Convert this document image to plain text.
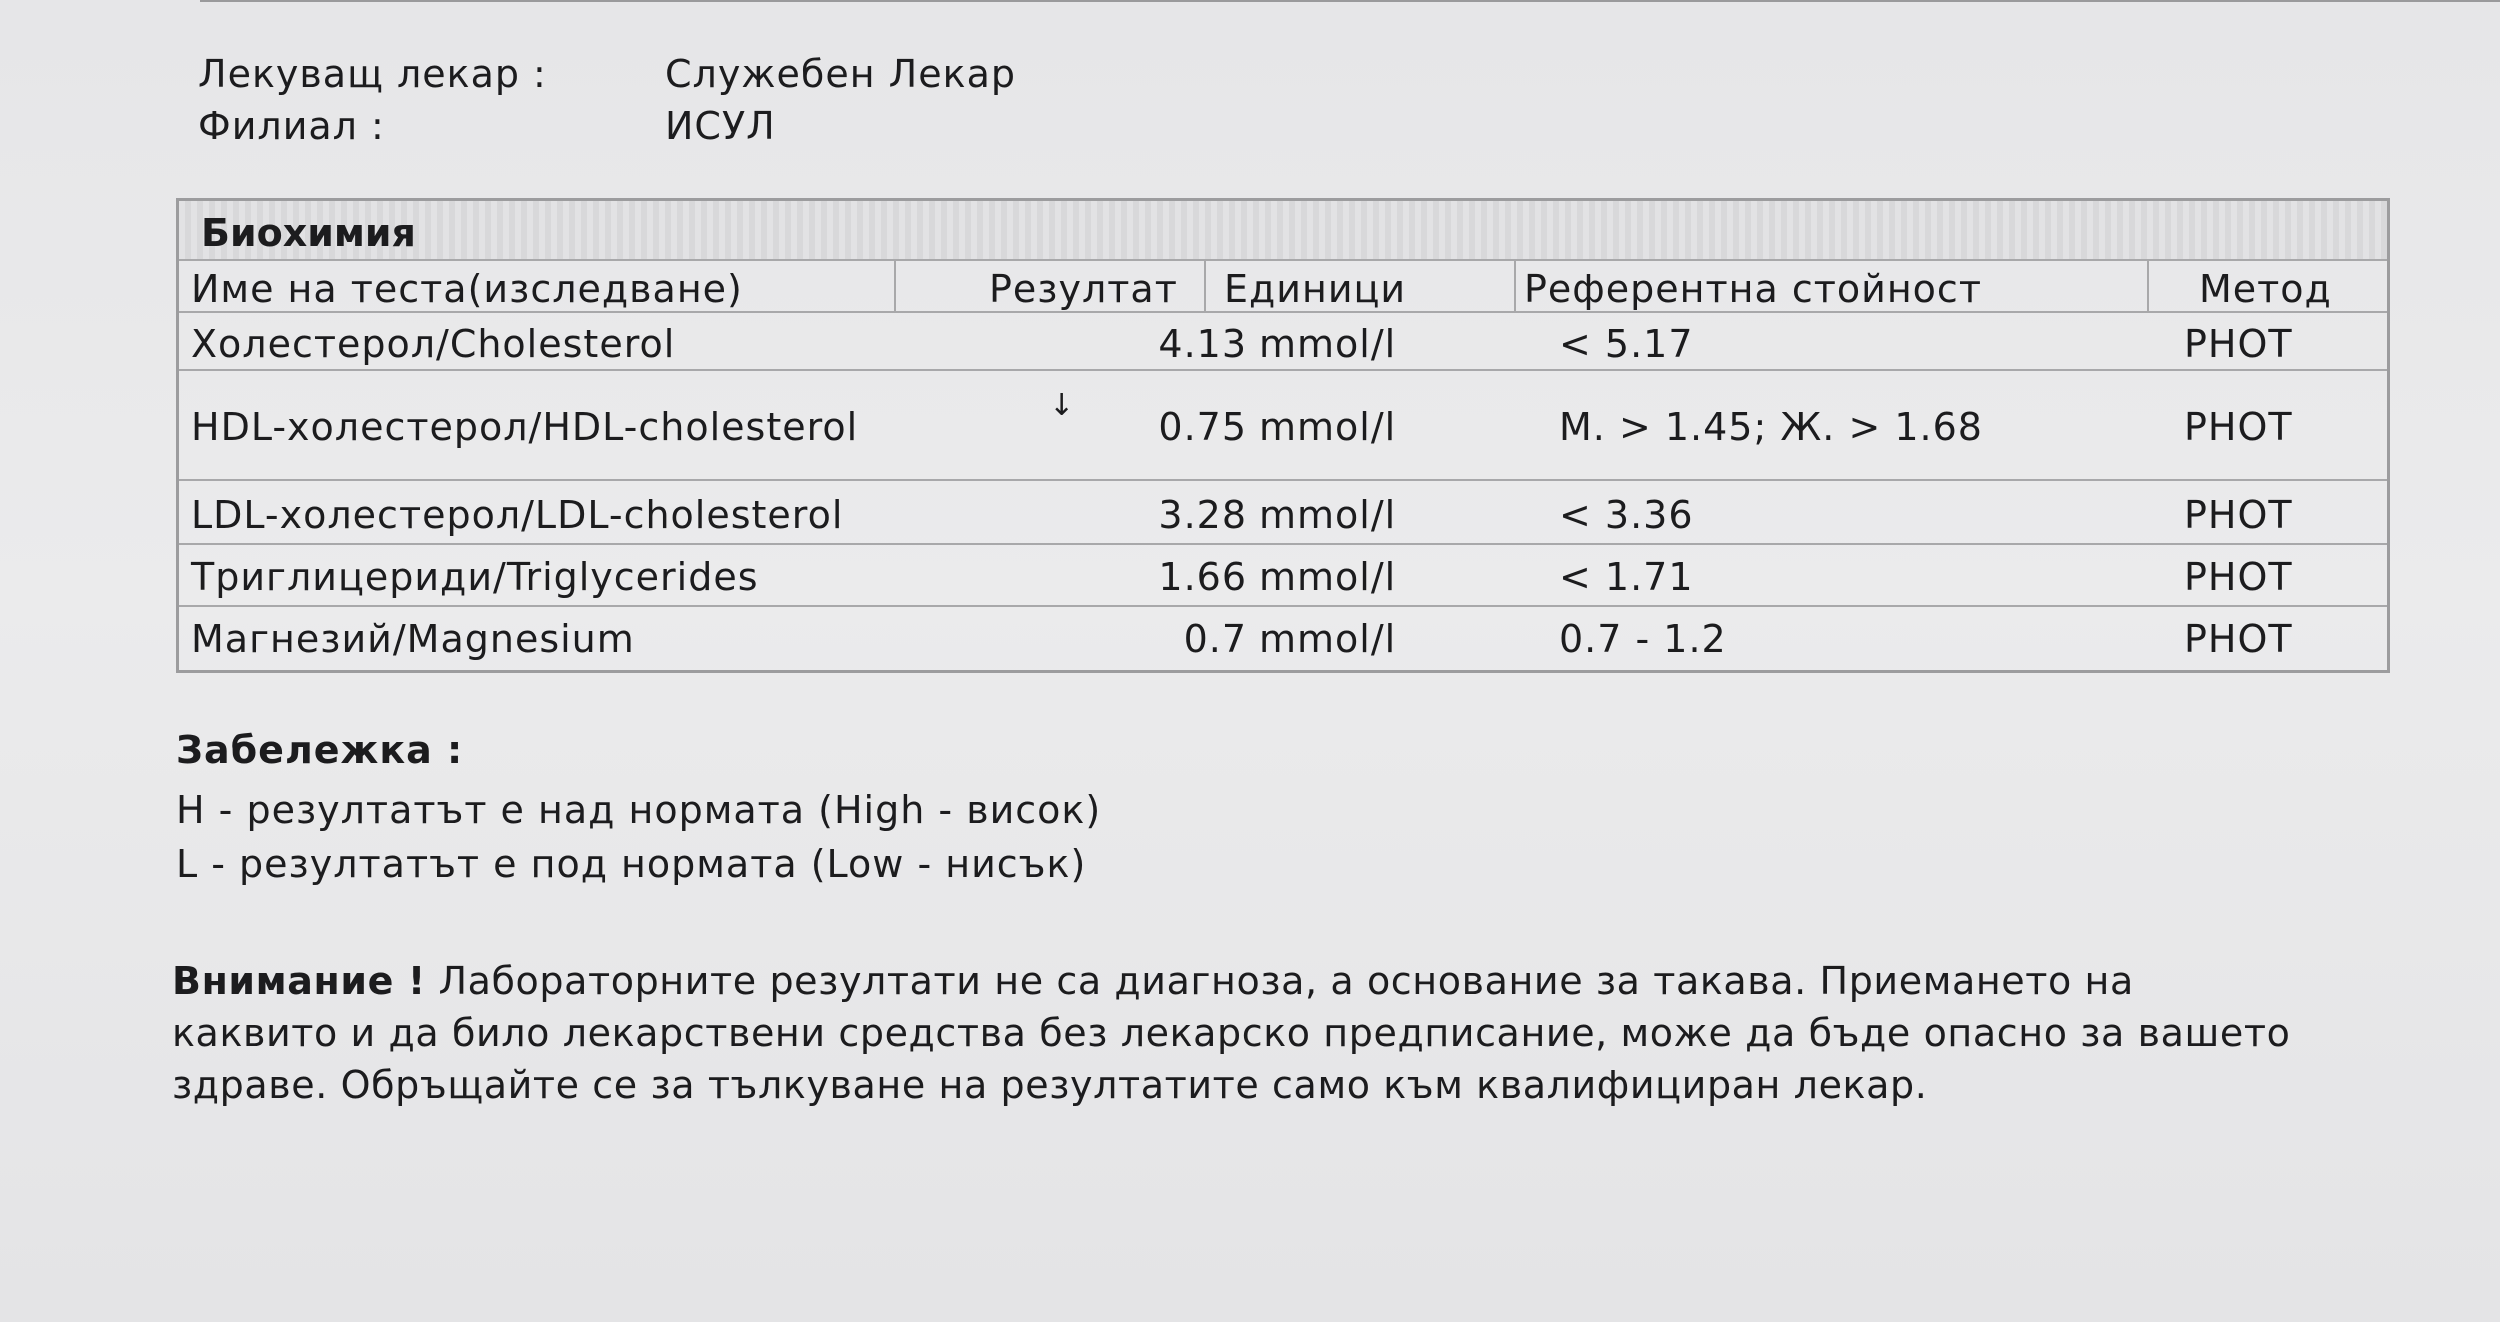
Лекуващ лекар :	Служебен Лекар
Филиал :	ИСУЛ
Биохимия
Име на теста(изследване)	Резултат Единици	Референтна стойност	Метод
Холестерол/Cholesterol	4.13 mmol/l	< 5.17	PHOT
HDL-холестерол/HDL-cholesterol	↓ 0.75 mmol/l	М. > 1.45; Ж. > 1.68	PHOT
LDL-холестерол/LDL-cholesterol	3.28 mmol/l	< 3.36	PHOT
Триглицериди/Triglycerides	1.66 mmol/l	< 1.71	PHOT
Магнезий/Magnesium	0.7 mmol/l	0.7 - 1.2	PHOT
Забележка :
H - резултатът е над нормата (High - висок)
L - резултатът е под нормата (Low - нисък)
Внимание ! Лабораторните резултати не са диагноза, а основание за такава. Приемането на каквито и да било лекарствени средства без лекарско предписание, може да бъде опасно за вашето здраве. Обръщайте се за тълкуване на резултатите само към квалифициран лекар.
